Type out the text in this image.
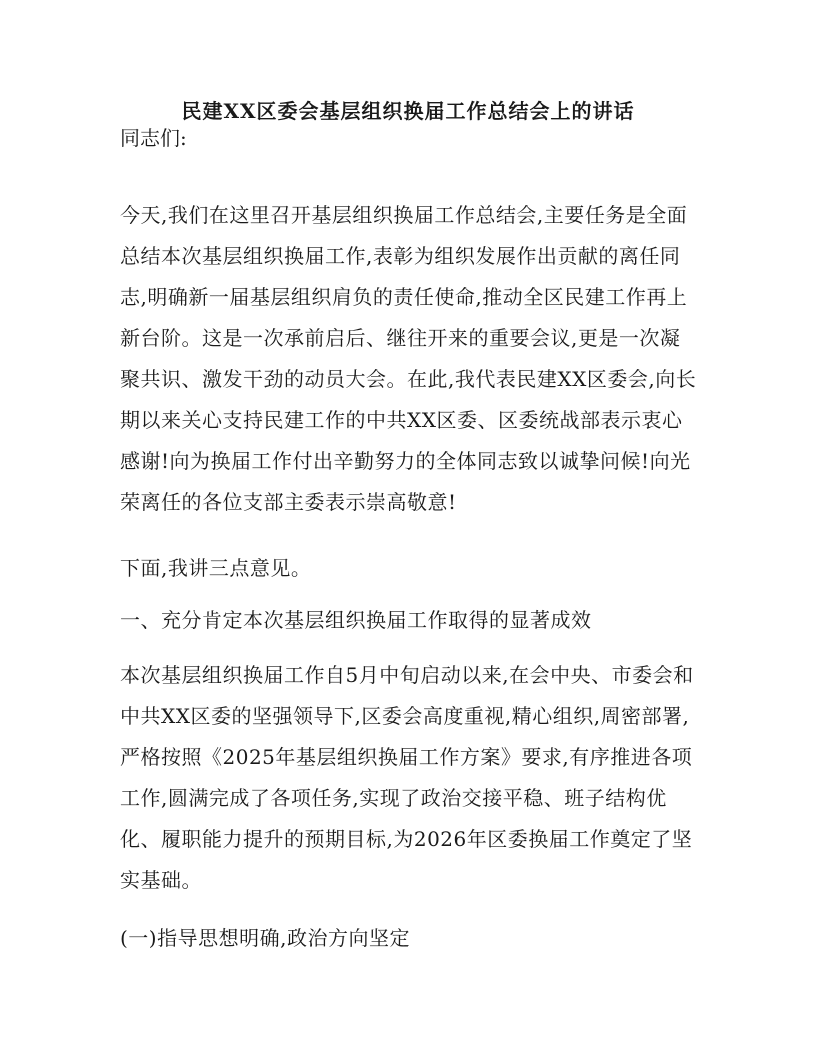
民建XX区委会基层组织换届工作总结会上的讲话
同志们:
今天,我们在这里召开基层组织换届工作总结会,主要任务是全面总结本次基层组织换届工作,表彰为组织发展作出贡献的离任同志,明确新一届基层组织肩负的责任使命,推动全区民建工作再上新台阶。这是一次承前启后、继往开来的重要会议,更是一次凝聚共识、激发干劲的动员大会。在此,我代表民建XX区委会,向长期以来关心支持民建工作的中共XX区委、区委统战部表示衷心感谢!向为换届工作付出辛勤努力的全体同志致以诚挚问候!向光荣离任的各位支部主委表示崇高敬意!
下面,我讲三点意见。
一、充分肯定本次基层组织换届工作取得的显著成效
本次基层组织换届工作自5月中旬启动以来,在会中央、市委会和中共XX区委的坚强领导下,区委会高度重视,精心组织,周密部署,严格按照《2025年基层组织换届工作方案》要求,有序推进各项工作,圆满完成了各项任务,实现了政治交接平稳、班子结构优化、履职能力提升的预期目标,为2026年区委换届工作奠定了坚实基础。
(一)指导思想明确,政治方向坚定
